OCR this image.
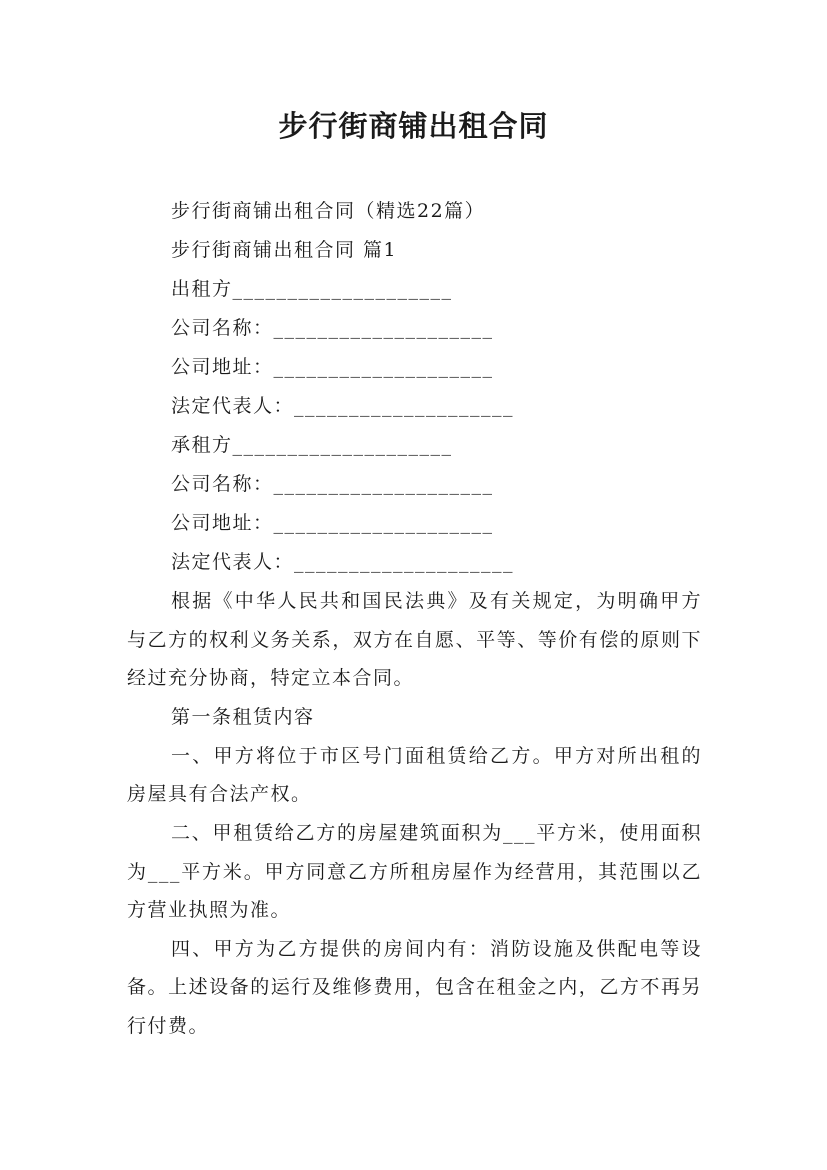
步行街商铺出租合同

步行街商铺出租合同（精选22篇）

步行街商铺出租合同 篇1

出租方____________________

公司名称：____________________

公司地址：____________________

法定代表人：____________________

承租方____________________

公司名称：____________________

公司地址：____________________

法定代表人：____________________

根据《中华人民共和国民法典》及有关规定，为明确甲方与乙方的权利义务关系，双方在自愿、平等、等价有偿的原则下经过充分协商，特定立本合同。

第一条租赁内容

一、甲方将位于市区号门面租赁给乙方。甲方对所出租的房屋具有合法产权。

二、甲租赁给乙方的房屋建筑面积为___平方米，使用面积为___平方米。甲方同意乙方所租房屋作为经营用，其范围以乙方营业执照为准。

四、甲方为乙方提供的房间内有：消防设施及供配电等设备。上述设备的运行及维修费用，包含在租金之内，乙方不再另行付费。
